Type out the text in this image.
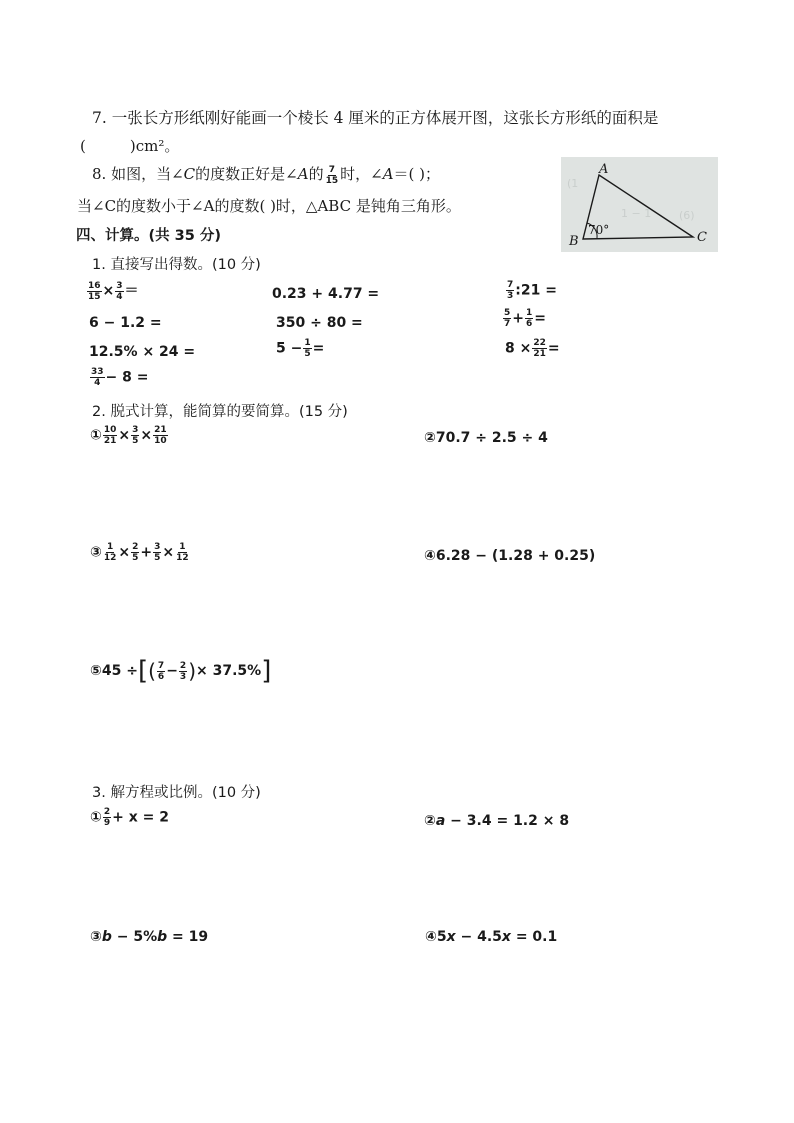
7. 一张长方形纸刚好能画一个棱长 4 厘米的正方体展开图，这张长方形纸的面积是
(	)cm²。
8. 如图，当∠C的度数正好是∠A的 $\frac{7}{15}$ 时，∠A＝( )；
当∠C的度数小于∠A的度数( )时，△ABC 是钝角三角形。
(1
1 − 1	(6)
A
B	C
70°
四、计算。(共 35 分)
1. 直接写出得数。(10 分)
$\frac{16}{15} \times \frac{3}{4}$ ＝	0.23 + 4.77 =	$\frac{7}{3}$ :21 =
6 − 1.2 =	350 ÷ 80 =	$\frac{5}{7} + \frac{1}{6}$ =
12.5% × 24 =	$5 - \frac{1}{5}$ =	$8 \times \frac{22}{21}$ =
$\frac{33}{4} - 8$ =
2. 脱式计算，能简算的要简算。(15 分)
① $\frac{10}{21} \times \frac{3}{5} \times \frac{21}{10}$	②70.7 ÷ 2.5 ÷ 4
③ $\frac{1}{12} \times \frac{2}{5} + \frac{3}{5} \times \frac{1}{12}$	④6.28 − (1.28 + 0.25)
⑤45 ÷[( $\frac{7}{6} - \frac{2}{3}$ )× 37.5%]
3. 解方程或比例。(10 分)
① $\frac{2}{9} + x = 2$	②a − 3.4 = 1.2 × 8
③b − 5%b = 19	④5x − 4.5x = 0.1
